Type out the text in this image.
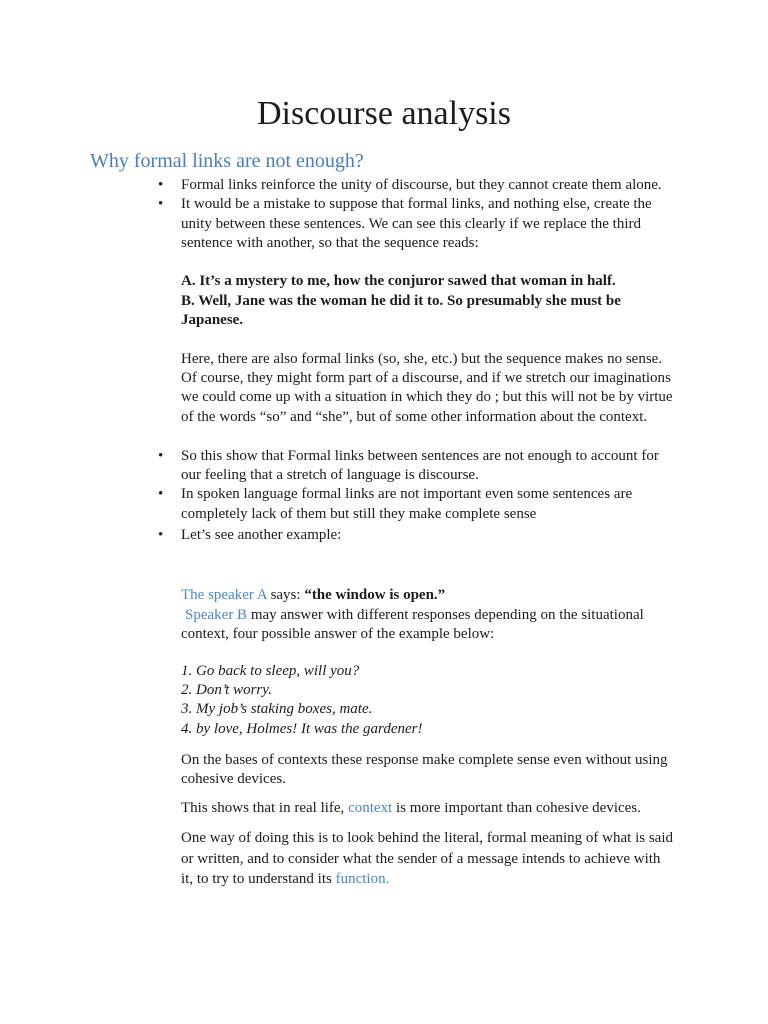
Discourse analysis
Why formal links are not enough?
• Formal links reinforce the unity of discourse, but they cannot create them alone.
• It would be a mistake to suppose that formal links, and nothing else, create the
unity between these sentences. We can see this clearly if we replace the third
sentence with another, so that the sequence reads:
A. It’s a mystery to me, how the conjuror sawed that woman in half.
B. Well, Jane was the woman he did it to. So presumably she must be
Japanese.
Here, there are also formal links (so, she, etc.) but the sequence makes no sense.
Of course, they might form part of a discourse, and if we stretch our imaginations
we could come up with a situation in which they do ; but this will not be by virtue
of the words “so” and “she”, but of some other information about the context.
• So this show that Formal links between sentences are not enough to account for
our feeling that a stretch of language is discourse.
• In spoken language formal links are not important even some sentences are
completely lack of them but still they make complete sense
• Let’s see another example:
The speaker A says: “the window is open.”
Speaker B may answer with different responses depending on the situational
context, four possible answer of the example below:
1. Go back to sleep, will you?
2. Don’t worry.
3. My job’s staking boxes, mate.
4. by love, Holmes! It was the gardener!
On the bases of contexts these response make complete sense even without using
cohesive devices.
This shows that in real life, context is more important than cohesive devices.
One way of doing this is to look behind the literal, formal meaning of what is said
or written, and to consider what the sender of a message intends to achieve with
it, to try to understand its function.
